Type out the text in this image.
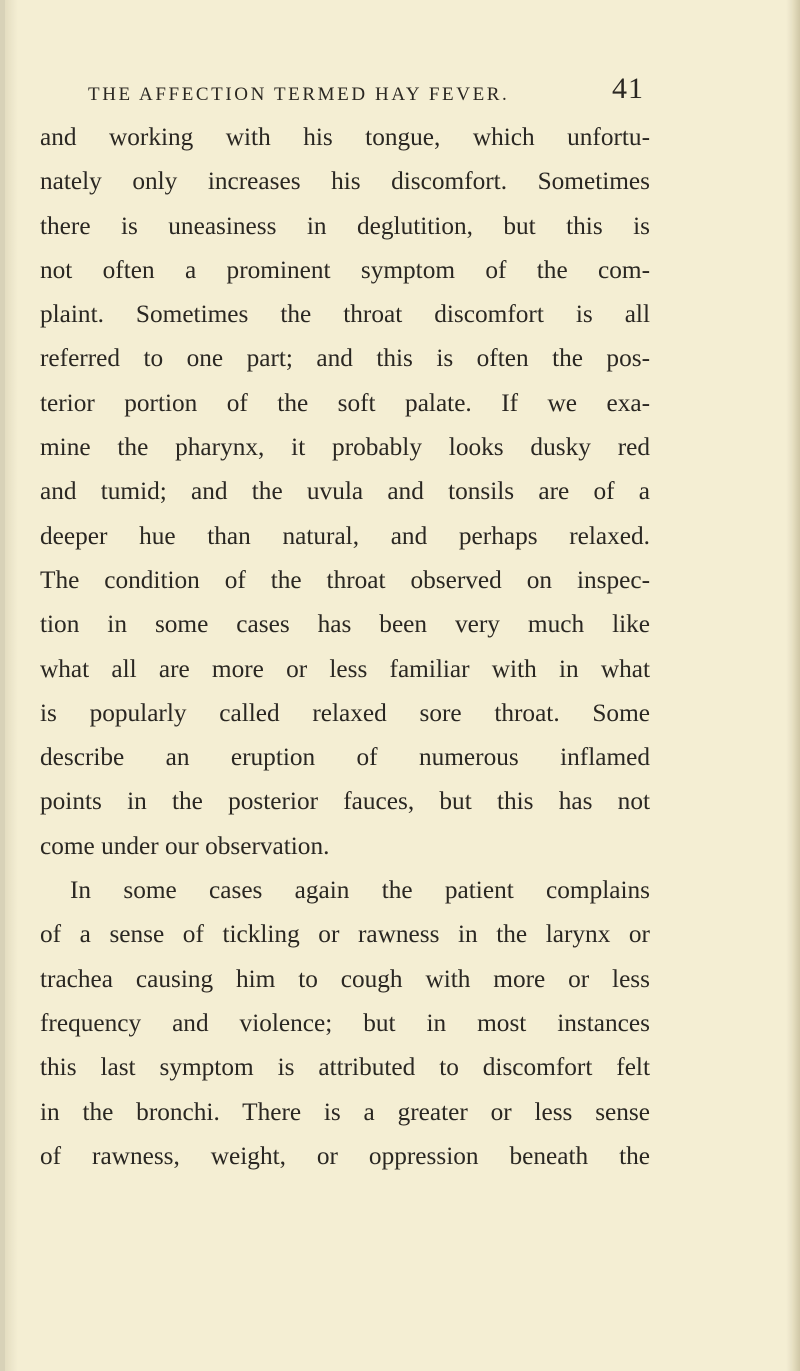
THE AFFECTION TERMED HAY FEVER.	41
and working with his tongue, which unfortu-
nately only increases his discomfort. Sometimes
there is uneasiness in deglutition, but this is
not often a prominent symptom of the com-
plaint. Sometimes the throat discomfort is all
referred to one part; and this is often the pos-
terior portion of the soft palate. If we exa-
mine the pharynx, it probably looks dusky red
and tumid; and the uvula and tonsils are of a
deeper hue than natural, and perhaps relaxed.
The condition of the throat observed on inspec-
tion in some cases has been very much like
what all are more or less familiar with in what
is popularly called relaxed sore throat. Some
describe an eruption of numerous inflamed
points in the posterior fauces, but this has not
come under our observation.
In some cases again the patient complains
of a sense of tickling or rawness in the larynx or
trachea causing him to cough with more or less
frequency and violence; but in most instances
this last symptom is attributed to discomfort felt
in the bronchi. There is a greater or less sense
of rawness, weight, or oppression beneath the
